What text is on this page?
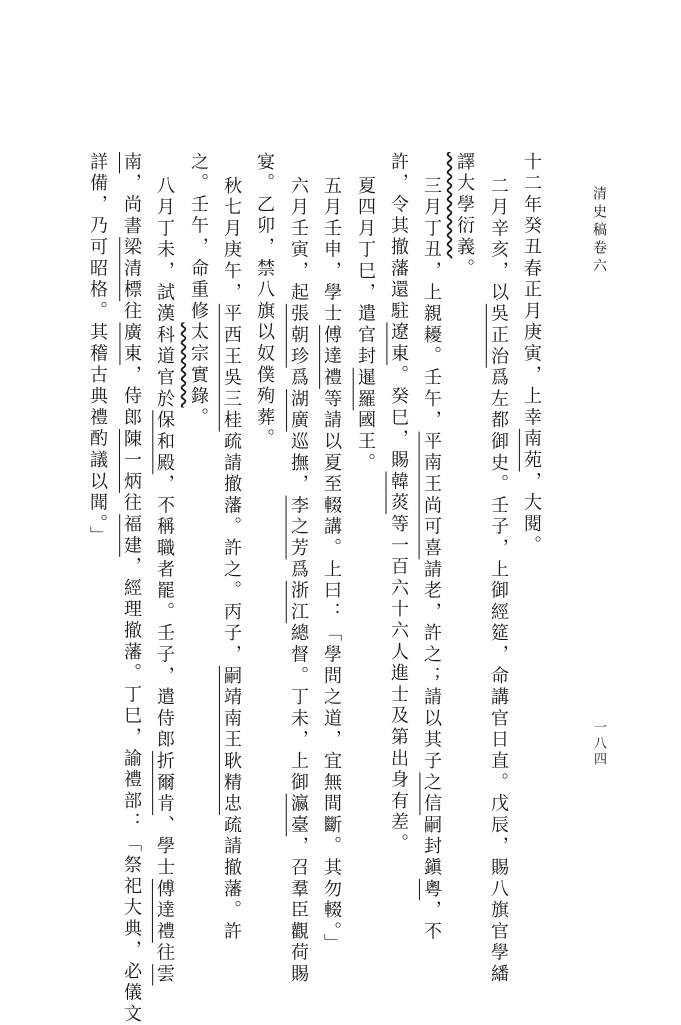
清史稿卷六
一八四
十二年癸丑春正月庚寅，上幸南苑，大閱。
二月辛亥，以吳正治爲左都御史。壬子，上御經筵，命講官日直。戊辰，賜八旗官學繙
譯大學衍義。
三月丁丑，上親耰。壬午，平南王尚可喜請老，許之；請以其子之信嗣封鎭粵，不
許，令其撤藩還駐遼東。癸巳，賜韓菼等一百六十六人進士及第出身有差。
夏四月丁巳，遣官封暹羅國王。
五月壬申，學士傅達禮等請以夏至輟講。上曰：「學問之道，宜無間斷。其勿輟。」
六月壬寅，起張朝珍爲湖廣巡撫，李之芳爲浙江總督。丁未，上御瀛臺，召羣臣觀荷賜
宴。乙卯，禁八旗以奴僕殉葬。
秋七月庚午，平西王吳三桂疏請撤藩。許之。丙子，嗣靖南王耿精忠疏請撤藩。許
之。壬午，命重修太宗實錄。
八月丁未，試漢科道官於保和殿，不稱職者罷。壬子，遣侍郎折爾肯、學士傅達禮往雲
南，尚書梁清標往廣東，侍郎陳一炳往福建，經理撤藩。丁巳，諭禮部：「祭祀大典，必儀文
詳備，乃可昭格。其稽古典禮酌議以聞。」
